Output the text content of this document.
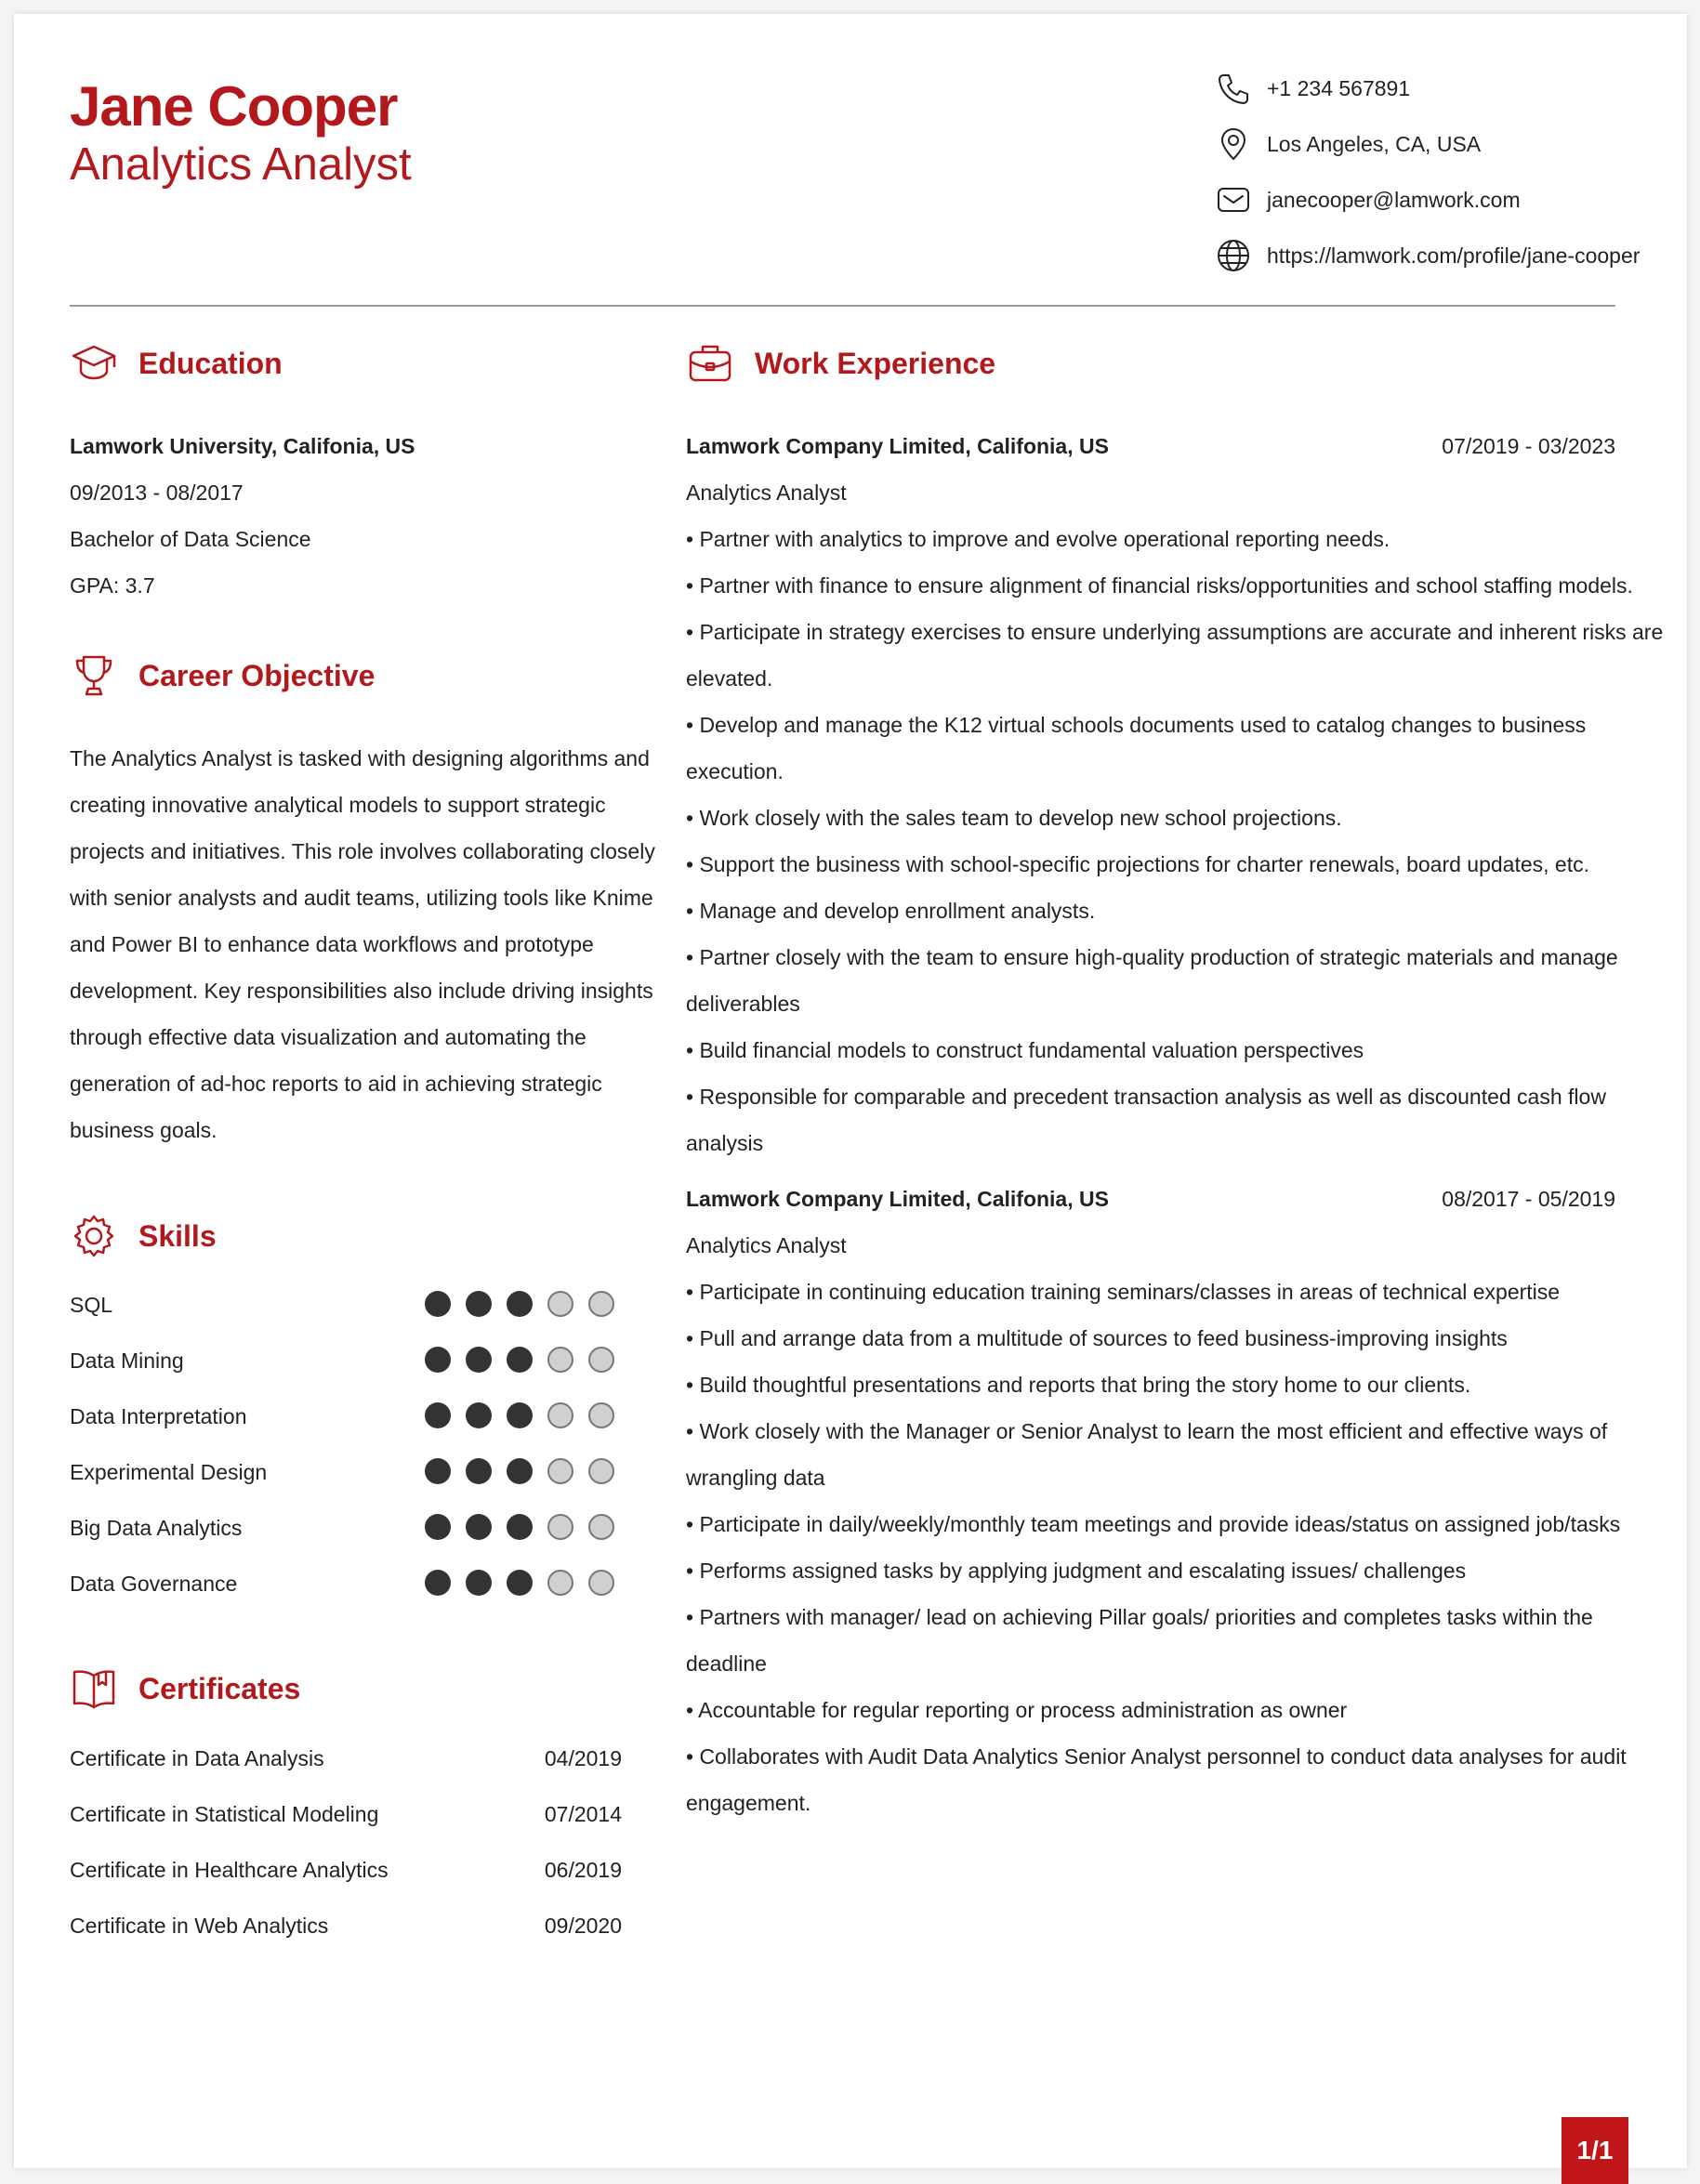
Jane Cooper
Analytics Analyst
+1 234 567891
Los Angeles, CA, USA
janecooper@lamwork.com
https://lamwork.com/profile/jane-cooper
Education
Lamwork University, Califonia, US
09/2013 - 08/2017
Bachelor of Data Science
GPA: 3.7
Career Objective
The Analytics Analyst is tasked with designing algorithms and
creating innovative analytical models to support strategic
projects and initiatives. This role involves collaborating closely
with senior analysts and audit teams, utilizing tools like Knime
and Power BI to enhance data workflows and prototype
development. Key responsibilities also include driving insights
through effective data visualization and automating the
generation of ad-hoc reports to aid in achieving strategic
business goals.
Skills
SQL
Data Mining
Data Interpretation
Experimental Design
Big Data Analytics
Data Governance
Certificates
Certificate in Data Analysis	04/2019
Certificate in Statistical Modeling	07/2014
Certificate in Healthcare Analytics	06/2019
Certificate in Web Analytics	09/2020
Work Experience
Lamwork Company Limited, Califonia, US	07/2019 - 03/2023
Analytics Analyst
• Partner with analytics to improve and evolve operational reporting needs.
• Partner with finance to ensure alignment of financial risks/opportunities and school staffing models.
• Participate in strategy exercises to ensure underlying assumptions are accurate and inherent risks are
elevated.
• Develop and manage the K12 virtual schools documents used to catalog changes to business
execution.
• Work closely with the sales team to develop new school projections.
• Support the business with school-specific projections for charter renewals, board updates, etc.
• Manage and develop enrollment analysts.
• Partner closely with the team to ensure high-quality production of strategic materials and manage
deliverables
• Build financial models to construct fundamental valuation perspectives
• Responsible for comparable and precedent transaction analysis as well as discounted cash flow
analysis
Lamwork Company Limited, Califonia, US	08/2017 - 05/2019
Analytics Analyst
• Participate in continuing education training seminars/classes in areas of technical expertise
• Pull and arrange data from a multitude of sources to feed business-improving insights
• Build thoughtful presentations and reports that bring the story home to our clients.
• Work closely with the Manager or Senior Analyst to learn the most efficient and effective ways of
wrangling data
• Participate in daily/weekly/monthly team meetings and provide ideas/status on assigned job/tasks
• Performs assigned tasks by applying judgment and escalating issues/ challenges
• Partners with manager/ lead on achieving Pillar goals/ priorities and completes tasks within the
deadline
• Accountable for regular reporting or process administration as owner
• Collaborates with Audit Data Analytics Senior Analyst personnel to conduct data analyses for audit
engagement.
1/1
